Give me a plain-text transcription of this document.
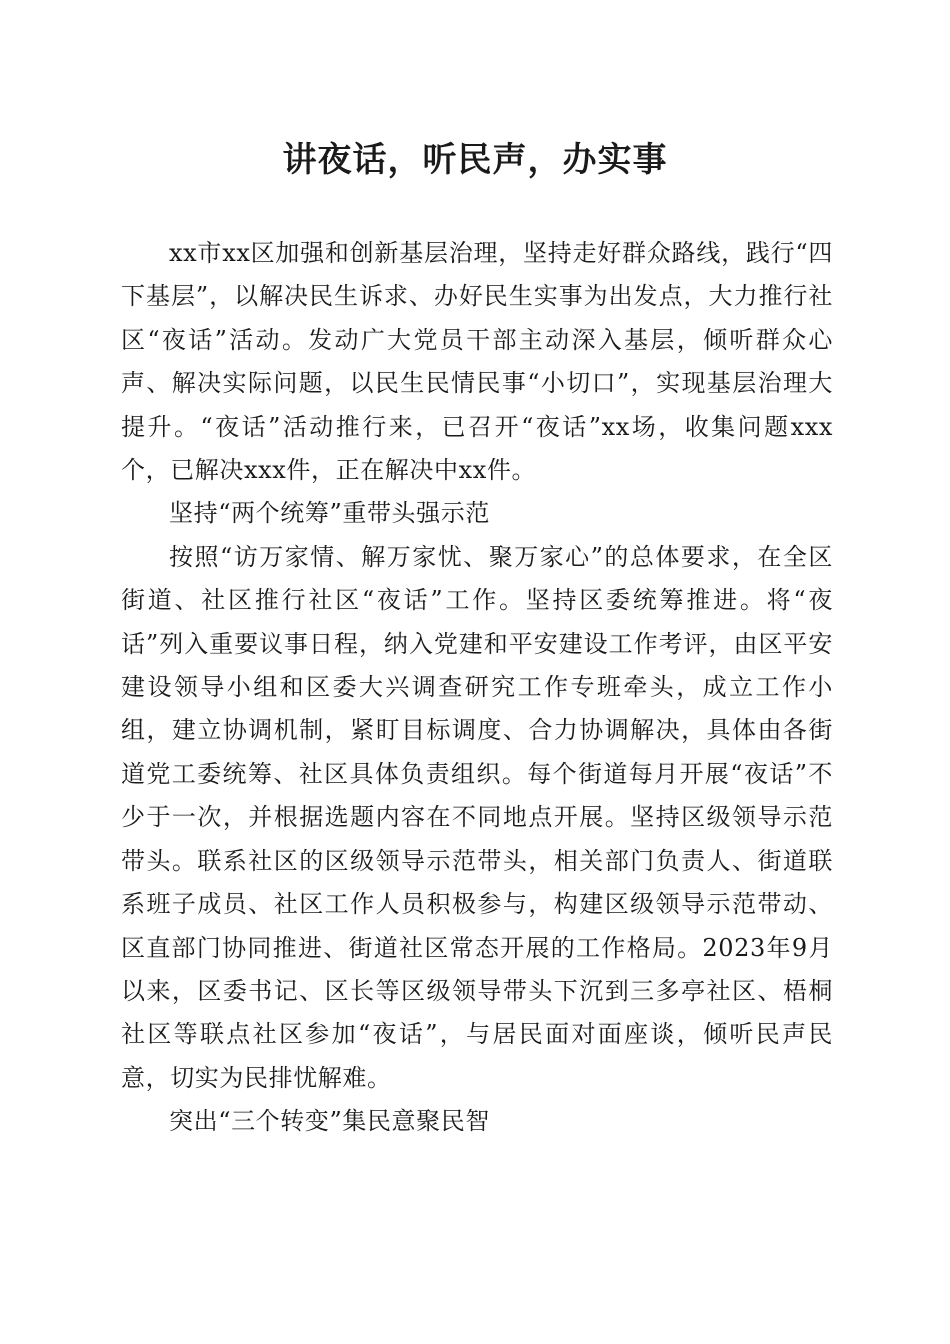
讲夜话，听民声，办实事

xx市xx区加强和创新基层治理，坚持走好群众路线，践行“四下基层”，以解决民生诉求、办好民生实事为出发点，大力推行社区“夜话”活动。发动广大党员干部主动深入基层，倾听群众心声、解决实际问题，以民生民情民事“小切口”，实现基层治理大提升。“夜话”活动推行来，已召开“夜话”xx场，收集问题xxx个，已解决xxx件，正在解决中xx件。

坚持“两个统筹”重带头强示范

按照“访万家情、解万家忧、聚万家心”的总体要求，在全区街道、社区推行社区“夜话”工作。坚持区委统筹推进。将“夜话”列入重要议事日程，纳入党建和平安建设工作考评，由区平安建设领导小组和区委大兴调查研究工作专班牵头，成立工作小组，建立协调机制，紧盯目标调度、合力协调解决，具体由各街道党工委统筹、社区具体负责组织。每个街道每月开展“夜话”不少于一次，并根据选题内容在不同地点开展。坚持区级领导示范带头。联系社区的区级领导示范带头，相关部门负责人、街道联系班子成员、社区工作人员积极参与，构建区级领导示范带动、区直部门协同推进、街道社区常态开展的工作格局。2023年9月以来，区委书记、区长等区级领导带头下沉到三多亭社区、梧桐社区等联点社区参加“夜话”，与居民面对面座谈，倾听民声民意，切实为民排忧解难。

突出“三个转变”集民意聚民智
